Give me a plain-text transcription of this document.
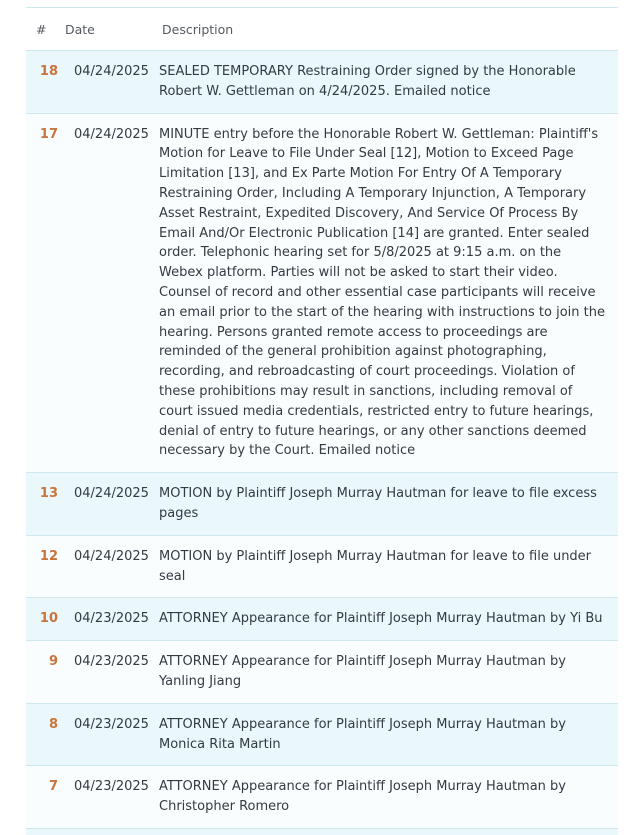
#	Date	Description
18	04/24/2025 SEALED TEMPORARY Restraining Order signed by the Honorable Robert W. Gettleman on 4/24/2025. Emailed notice
17	04/24/2025 MINUTE entry before the Honorable Robert W. Gettleman: Plaintiff's Motion for Leave to File Under Seal [12], Motion to Exceed Page Limitation [13], and Ex Parte Motion For Entry Of A Temporary Restraining Order, Including A Temporary Injunction, A Temporary Asset Restraint, Expedited Discovery, And Service Of Process By Email And/Or Electronic Publication [14] are granted. Enter sealed order. Telephonic hearing set for 5/8/2025 at 9:15 a.m. on the Webex platform. Parties will not be asked to start their video. Counsel of record and other essential case participants will receive an email prior to the start of the hearing with instructions to join the hearing. Persons granted remote access to proceedings are reminded of the general prohibition against photographing, recording, and rebroadcasting of court proceedings. Violation of these prohibitions may result in sanctions, including removal of court issued media credentials, restricted entry to future hearings, denial of entry to future hearings, or any other sanctions deemed necessary by the Court. Emailed notice
13	04/24/2025 MOTION by Plaintiff Joseph Murray Hautman for leave to file excess pages
12	04/24/2025 MOTION by Plaintiff Joseph Murray Hautman for leave to file under seal
10	04/23/2025 ATTORNEY Appearance for Plaintiff Joseph Murray Hautman by Yi Bu
9	04/23/2025 ATTORNEY Appearance for Plaintiff Joseph Murray Hautman by Yanling Jiang
8	04/23/2025 ATTORNEY Appearance for Plaintiff Joseph Murray Hautman by Monica Rita Martin
7	04/23/2025 ATTORNEY Appearance for Plaintiff Joseph Murray Hautman by Christopher Romero
